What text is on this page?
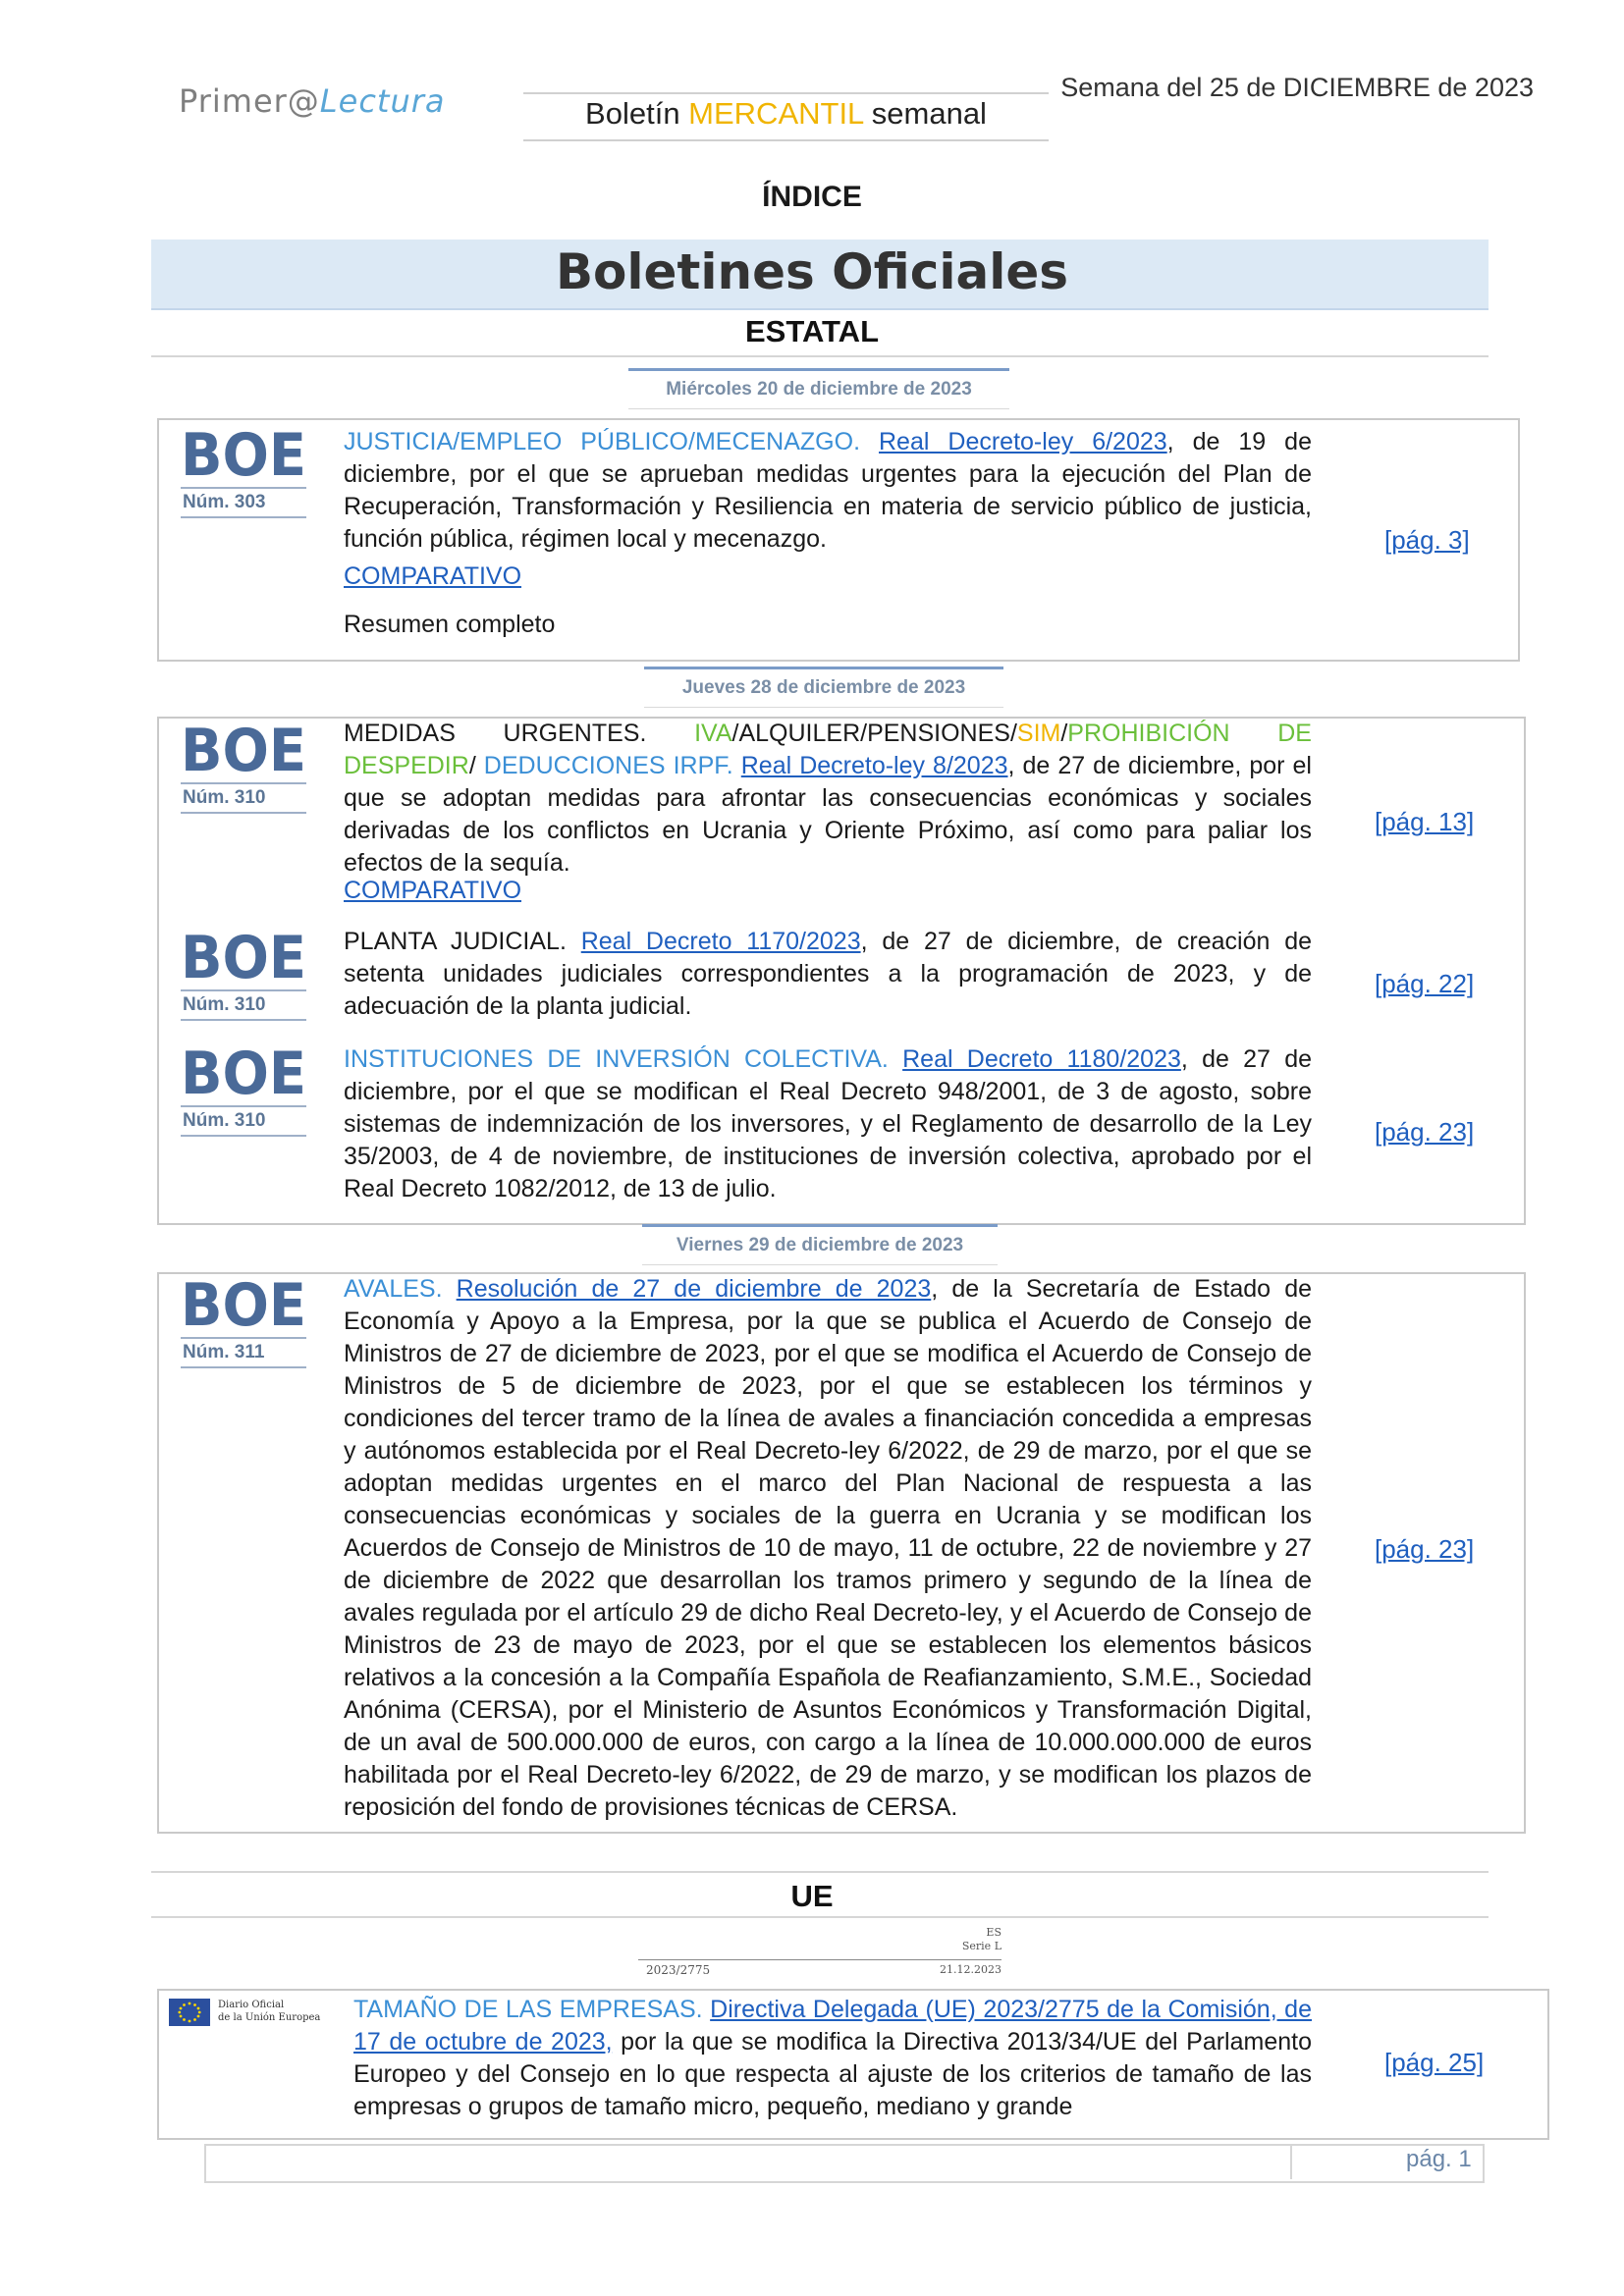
Primer@Lectura	Boletín MERCANTIL semanal
Semana del 25 de DICIEMBRE de 2023
ÍNDICE
Boletines Oficiales
ESTATAL
Miércoles 20 de diciembre de 2023
BOE
Núm. 303
JUSTICIA/EMPLEO PÚBLICO/MECENAZGO. Real Decreto-ley 6/2023, de 19 de diciembre, por el que se aprueban medidas urgentes para la ejecución del Plan de Recuperación, Transformación y Resiliencia en materia de servicio público de justicia, función pública, régimen local y mecenazgo.
COMPARATIVO
Resumen completo
[pág. 3]
Jueves 28 de diciembre de 2023
BOE
Núm. 310
MEDIDAS URGENTES. IVA/ALQUILER/PENSIONES/SIM/PROHIBICIÓN DE DESPEDIR/ DEDUCCIONES IRPF. Real Decreto-ley 8/2023, de 27 de diciembre, por el que se adoptan medidas para afrontar las consecuencias económicas y sociales derivadas de los conflictos en Ucrania y Oriente Próximo, así como para paliar los efectos de la sequía.
COMPARATIVO
[pág. 13]
BOE
Núm. 310
PLANTA JUDICIAL. Real Decreto 1170/2023, de 27 de diciembre, de creación de setenta unidades judiciales correspondientes a la programación de 2023, y de adecuación de la planta judicial.
[pág. 22]
BOE
Núm. 310
INSTITUCIONES DE INVERSIÓN COLECTIVA. Real Decreto 1180/2023, de 27 de diciembre, por el que se modifican el Real Decreto 948/2001, de 3 de agosto, sobre sistemas de indemnización de los inversores, y el Reglamento de desarrollo de la Ley 35/2003, de 4 de noviembre, de instituciones de inversión colectiva, aprobado por el Real Decreto 1082/2012, de 13 de julio.
[pág. 23]
Viernes 29 de diciembre de 2023
BOE
Núm. 311
AVALES. Resolución de 27 de diciembre de 2023, de la Secretaría de Estado de Economía y Apoyo a la Empresa, por la que se publica el Acuerdo de Consejo de Ministros de 27 de diciembre de 2023, por el que se modifica el Acuerdo de Consejo de Ministros de 5 de diciembre de 2023, por el que se establecen los términos y condiciones del tercer tramo de la línea de avales a financiación concedida a empresas y autónomos establecida por el Real Decreto-ley 6/2022, de 29 de marzo, por el que se adoptan medidas urgentes en el marco del Plan Nacional de respuesta a las consecuencias económicas y sociales de la guerra en Ucrania y se modifican los Acuerdos de Consejo de Ministros de 10 de mayo, 11 de octubre, 22 de noviembre y 27 de diciembre de 2022 que desarrollan los tramos primero y segundo de la línea de avales regulada por el artículo 29 de dicho Real Decreto-ley, y el Acuerdo de Consejo de Ministros de 23 de mayo de 2023, por el que se establecen los elementos básicos relativos a la concesión a la Compañía Española de Reafianzamiento, S.M.E., Sociedad Anónima (CERSA), por el Ministerio de Asuntos Económicos y Transformación Digital, de un aval de 500.000.000 de euros, con cargo a la línea de 10.000.000.000 de euros habilitada por el Real Decreto-ley 6/2022, de 29 de marzo, y se modifican los plazos de reposición del fondo de provisiones técnicas de CERSA.
[pág. 23]
UE
ES
Serie L
2023/2775	21.12.2023
Diario Oficial
de la Unión Europea TAMAÑO DE LAS EMPRESAS. Directiva Delegada (UE) 2023/2775 de la Comisión, de 17 de octubre de 2023, por la que se modifica la Directiva 2013/34/UE del Parlamento Europeo y del Consejo en lo que respecta al ajuste de los criterios de tamaño de las empresas o grupos de tamaño micro, pequeño, mediano y grande
[pág. 25]
pág. 1
